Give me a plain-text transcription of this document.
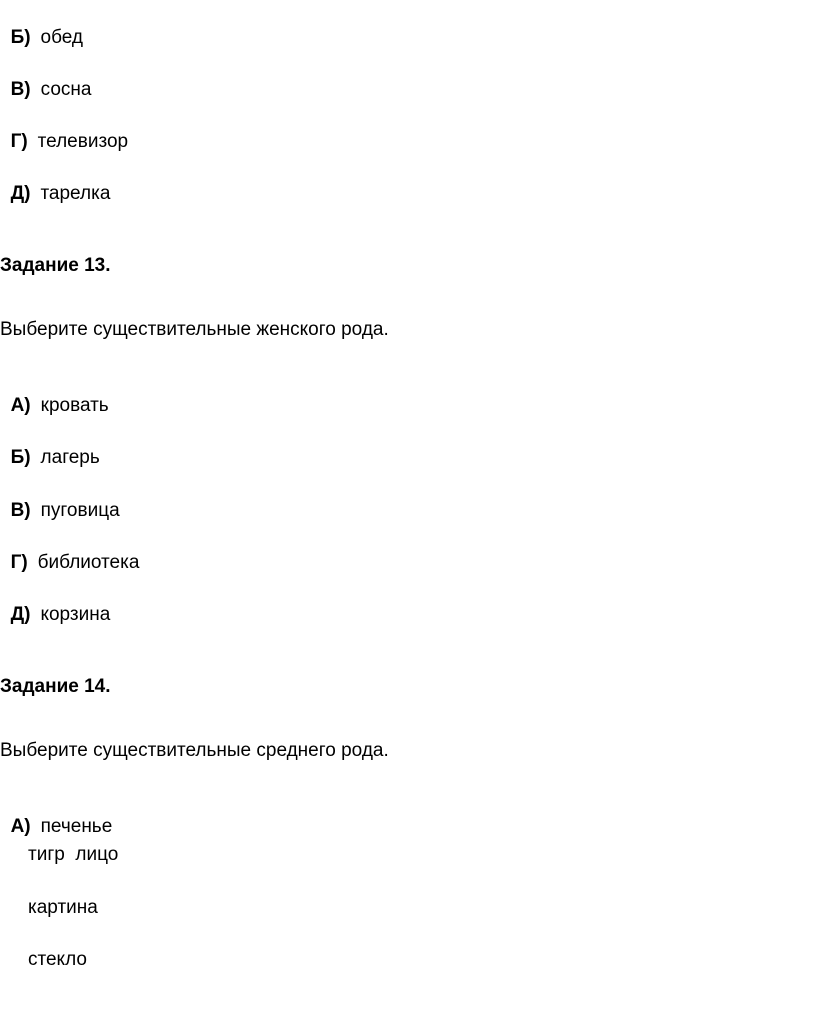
Б) обед

В) сосна

Г) телевизор

Д) тарелка

Задание 13.
Выберите существительные женского рода.

А) кровать

Б) лагерь

В) пуговица

Г) библиотека

Д) корзина

Задание 14.
Выберите существительные среднего рода.

А) печенье

тигр  лицо
картина
стекло
